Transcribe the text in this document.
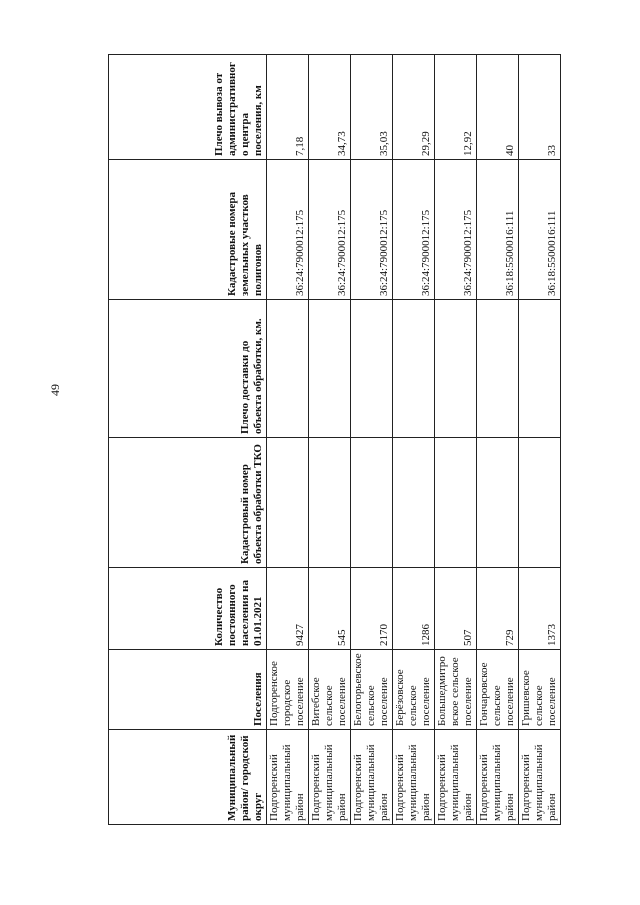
49
Муниципальный район/ городской округ	Поселения	Количество постоянного населения на 01.01.2021	Кадастровый номер объекта обработки ТКО	Плечо доставки до объекта обработки, км.	Кадастровые номера земельных участков полигонов	Плечо вывоза от административного центра поселения, км
Подгоренский муниципальный район	Подгоренское городское поселение	9427			36:24:7900012:175	7,18
Подгоренский муниципальный район	Витебское сельское поселение	545			36:24:7900012:175	34,73
Подгоренский муниципальный район	Белогорьевское сельское поселение	2170			36:24:7900012:175	35,03
Подгоренский муниципальный район	Берёзовское сельское поселение	1286			36:24:7900012:175	29,29
Подгоренский муниципальный район	Большедмитровское сельское поселение	507			36:24:7900012:175	12,92
Подгоренский муниципальный район	Гончаровское сельское поселение	729			36:18:5500016:111	40
Подгоренский муниципальный район	Гришевское сельское поселение	1373			36:18:5500016:111	33
